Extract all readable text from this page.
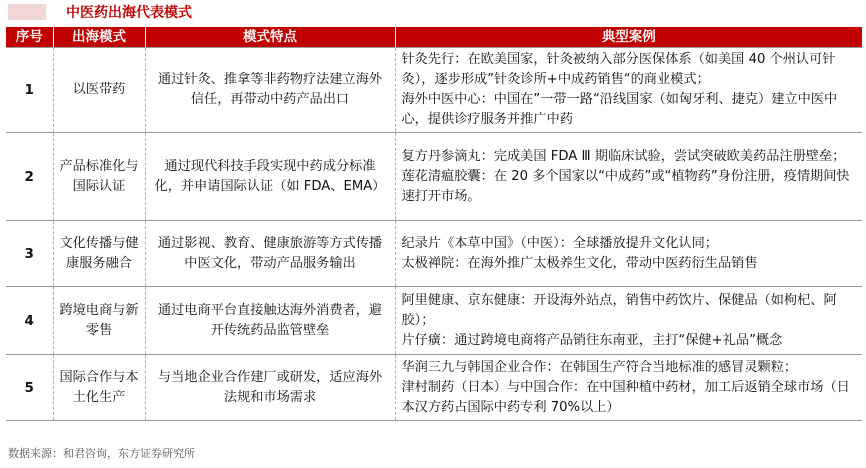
中医药出海代表模式
序号	出海模式	模式特点	典型案例
1	以医带药	通过针灸、推拿等非药物疗法建立海外信任，再带动中药产品出口	针灸先行：在欧美国家，针灸被纳入部分医保体系（如美国 40 个州认可针灸），逐步形成”针灸诊所+中成药销售“的商业模式；
海外中医中心：中国在”一带一路“沿线国家（如匈牙利、捷克）建立中医中心，提供诊疗服务并推广中药

2	产品标准化与国际认证	通过现代科技手段实现中药成分标准化，并申请国际认证（如 FDA、EMA）	复方丹参滴丸：完成美国 FDA Ⅲ 期临床试验，尝试突破欧美药品注册壁垒；
莲花清瘟胶囊：在 20 多个国家以“中成药”或“植物药”身份注册，疫情期间快速打开市场。

3	文化传播与健康服务融合	通过影视、教育、健康旅游等方式传播中医文化，带动产品服务输出	纪录片《本草中国》（中医）：全球播放提升文化认同；
太极禅院：在海外推广太极养生文化，带动中医药衍生品销售

4	跨境电商与新零售	通过电商平台直接触达海外消费者，避开传统药品监管壁垒	阿里健康、京东健康：开设海外站点，销售中药饮片、保健品（如枸杞、阿胶）；
片仔癀：通过跨境电商将产品销往东南亚，主打“保健+礼品”概念

5	国际合作与本土化生产	与当地企业合作建厂或研发，适应海外法规和市场需求	华润三九与韩国企业合作：在韩国生产符合当地标准的感冒灵颗粒；
津村制药（日本）与中国合作：在中国种植中药材，加工后返销全球市场（日本汉方药占国际中药专利 70%以上）
数据来源：和君咨询，东方证券研究所
